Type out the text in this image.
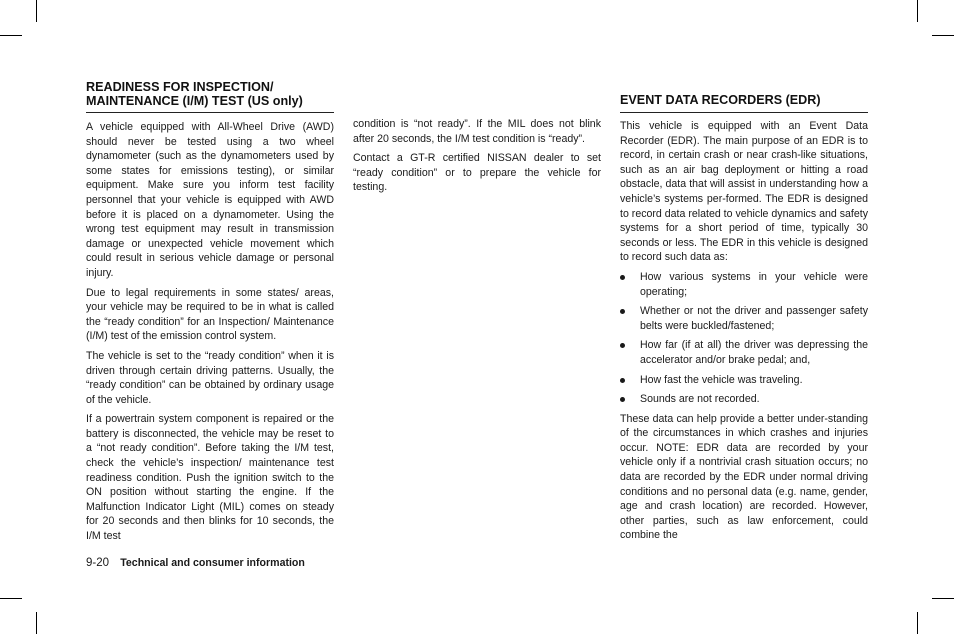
READINESS FOR INSPECTION/
MAINTENANCE (I/M) TEST (US only)

A vehicle equipped with All-Wheel Drive (AWD) should never be tested using a two wheel dynamometer (such as the dynamometers used by some states for emissions testing), or similar equipment. Make sure you inform test facility personnel that your vehicle is equipped with AWD before it is placed on a dynamometer. Using the wrong test equipment may result in transmission damage or unexpected vehicle movement which could result in serious vehicle damage or personal injury.

Due to legal requirements in some states/ areas, your vehicle may be required to be in what is called the “ready condition” for an Inspection/ Maintenance (I/M) test of the emission control system.

The vehicle is set to the “ready condition” when it is driven through certain driving patterns. Usually, the “ready condition” can be obtained by ordinary usage of the vehicle.

If a powertrain system component is repaired or the battery is disconnected, the vehicle may be reset to a “not ready condition”. Before taking the I/M test, check the vehicle’s inspection/ maintenance test readiness condition. Push the ignition switch to the ON position without starting the engine. If the Malfunction Indicator Light (MIL) comes on steady for 20 seconds and then blinks for 10 seconds, the I/M test

condition is “not ready”. If the MIL does not blink after 20 seconds, the I/M test condition is “ready”.

Contact a GT-R certified NISSAN dealer to set “ready condition” or to prepare the vehicle for testing.

EVENT DATA RECORDERS (EDR)

This vehicle is equipped with an Event Data Recorder (EDR). The main purpose of an EDR is to record, in certain crash or near crash-like situations, such as an air bag deployment or hitting a road obstacle, data that will assist in understanding how a vehicle’s systems per-formed. The EDR is designed to record data related to vehicle dynamics and safety systems for a short period of time, typically 30 seconds or less. The EDR in this vehicle is designed to record such data as:

How various systems in your vehicle were operating;
Whether or not the driver and passenger safety belts were buckled/fastened;
How far (if at all) the driver was depressing the accelerator and/or brake pedal; and,
How fast the vehicle was traveling.
Sounds are not recorded.

These data can help provide a better under-standing of the circumstances in which crashes and injuries occur. NOTE: EDR data are recorded by your vehicle only if a nontrivial crash situation occurs; no data are recorded by the EDR under normal driving conditions and no personal data (e.g. name, gender, age and crash location) are recorded. However, other parties, such as law enforcement, could combine the

9-20 Technical and consumer information
